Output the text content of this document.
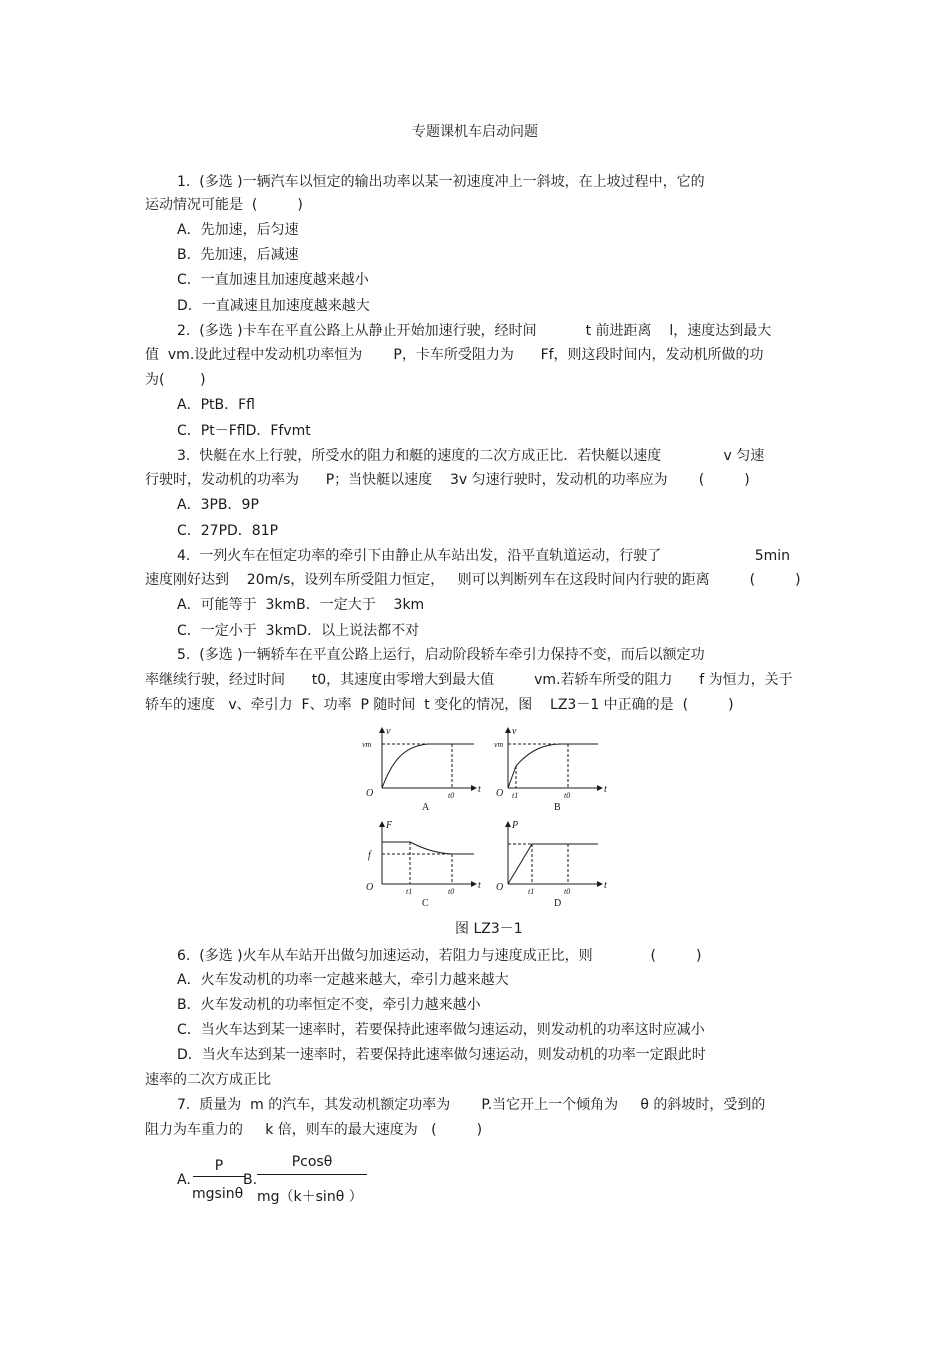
专题课机车启动问题
1.  (多选 )一辆汽车以恒定的输出功率以某一初速度冲上一斜坡，在上坡过程中，它的
运动情况可能是  (         )
A．先加速，后匀速
B．先加速，后减速
C．一直加速且加速度越来越小
D．一直减速且加速度越来越大
2.  (多选 )卡车在平直公路上从静止开始加速行驶，经时间           t 前进距离    l，速度达到最大
值  vm.设此过程中发动机功率恒为       P，卡车所受阻力为      Ff，则这段时间内，发动机所做的功
为(        )
A．PtB．Ffl
C．Pt－FflD．Ffvmt
3.  快艇在水上行驶，所受水的阻力和艇的速度的二次方成正比．若快艇以速度              v 匀速
行驶时，发动机的功率为      P；当快艇以速度    3v 匀速行驶时，发动机的功率应为       (         )
A．3PB．9P
C．27PD．81P
4.  一列火车在恒定功率的牵引下由静止从车站出发，沿平直轨道运动，行驶了                     5min
速度刚好达到    20m/s，设列车所受阻力恒定，   则可以判断列车在这段时间内行驶的距离         (         )
A．可能等于  3kmB．一定大于    3km
C．一定小于  3kmD．以上说法都不对
5.  (多选 )一辆轿车在平直公路上运行，启动阶段轿车牵引力保持不变，而后以额定功
率继续行驶，经过时间      t0，其速度由零增大到最大值         vm.若轿车所受的阻力      f 为恒力，关于
轿车的速度   v、牵引力  F、功率  P 随时间  t 变化的情况，图    LZ3－1 中正确的是  (         )
O
vm
v
t
t0
A
O
vm
v
t
t1	t0
B
O
f
F
t
t1	t0
C
O
P
t
t1	t0
D
图 LZ3－1
6.  (多选 )火车从车站开出做匀加速运动，若阻力与速度成正比，则             (         )
A．火车发动机的功率一定越来越大，牵引力越来越大
B．火车发动机的功率恒定不变，牵引力越来越小
C．当火车达到某一速率时，若要保持此速率做匀速运动，则发动机的功率这时应减小
D．当火车达到某一速率时，若要保持此速率做匀速运动，则发动机的功率一定跟此时
速率的二次方成正比
7.  质量为  m 的汽车，其发动机额定功率为       P.当它开上一个倾角为     θ 的斜坡时，受到的
阻力为车重力的     k 倍，则车的最大速度为   (         )
A.
P
mgsinθ
B.
Pcosθ
mg（k＋sinθ ）
